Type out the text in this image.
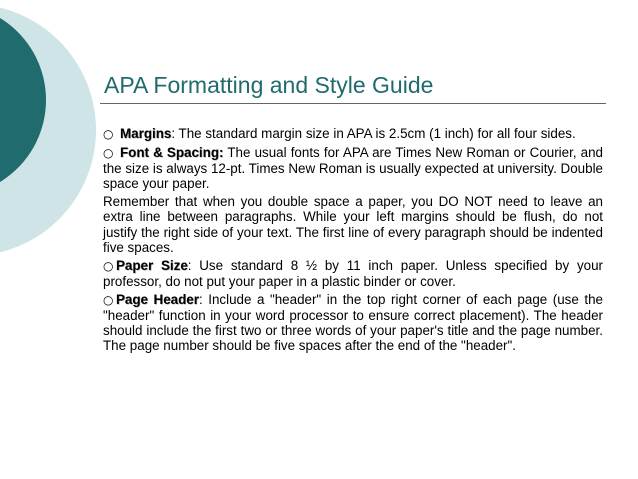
APA Formatting and Style Guide

○ Margins: The standard margin size in APA is 2.5cm (1 inch) for all four sides.

○ Font & Spacing: The usual fonts for APA are Times New Roman or Courier, and the size is always 12-pt. Times New Roman is usually expected at university. Double space your paper.

Remember that when you double space a paper, you DO NOT need to leave an extra line between paragraphs. While your left margins should be flush, do not justify the right side of your text. The first line of every paragraph should be indented five spaces.

○ Paper Size: Use standard 8 ½ by 11 inch paper. Unless specified by your professor, do not put your paper in a plastic binder or cover.

○ Page Header: Include a "header" in the top right corner of each page (use the "header" function in your word processor to ensure correct placement). The header should include the first two or three words of your paper's title and the page number. The page number should be five spaces after the end of the "header".
